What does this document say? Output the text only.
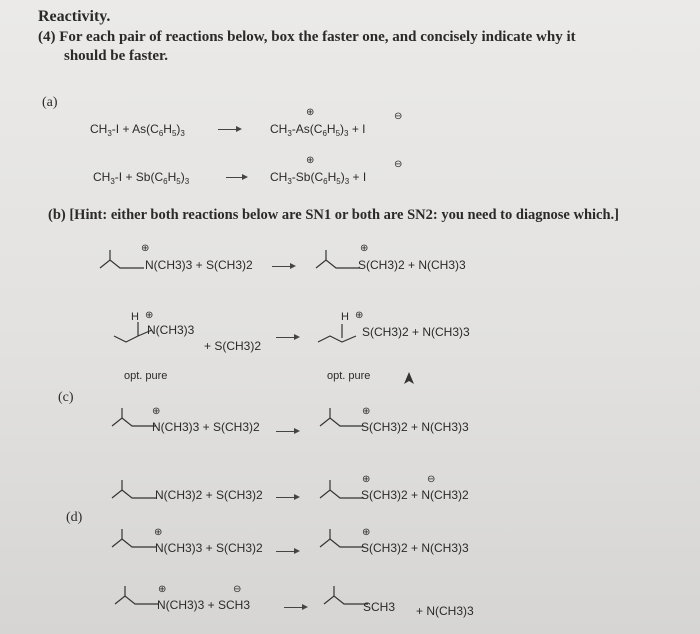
Reactivity.
(4) For each pair of reactions below, box the faster one, and concisely indicate why it
should be faster.
(a)
$CH_3-I + As(C_6H_5)_3$	$CH_3-As(C_6H_5)_3 + I$
⊕	⊖
$CH_3-I + Sb(C_6H_5)_3 \to CH_3-Sb(C_6H_5)_3 + I$
⊕	⊖
(b) [Hint: either both reactions below are SN1 or both are SN2: you need to diagnose which.]
⊕
N(CH3)3 + S(CH3)2 →
⊕
S(CH3)2 + N(CH3)3
H ⊕
N(CH3)3
+ S(CH3)2
H ⊕
S(CH3)2 + N(CH3)3
opt. pure	opt. pure
(c)
⊕
N(CH3)3 + S(CH3)2 →
⊕
S(CH3)2 + N(CH3)3
(d)
N(CH3)2 + S(CH3)2 →
⊕
S(CH3)2 + N(CH3)2
⊖
⊕
N(CH3)3 + S(CH3)2 →
⊕
S(CH3)2 + N(CH3)3
⊕
N(CH3)3 + SCH3
⊖
SCH3 + N(CH3)3
